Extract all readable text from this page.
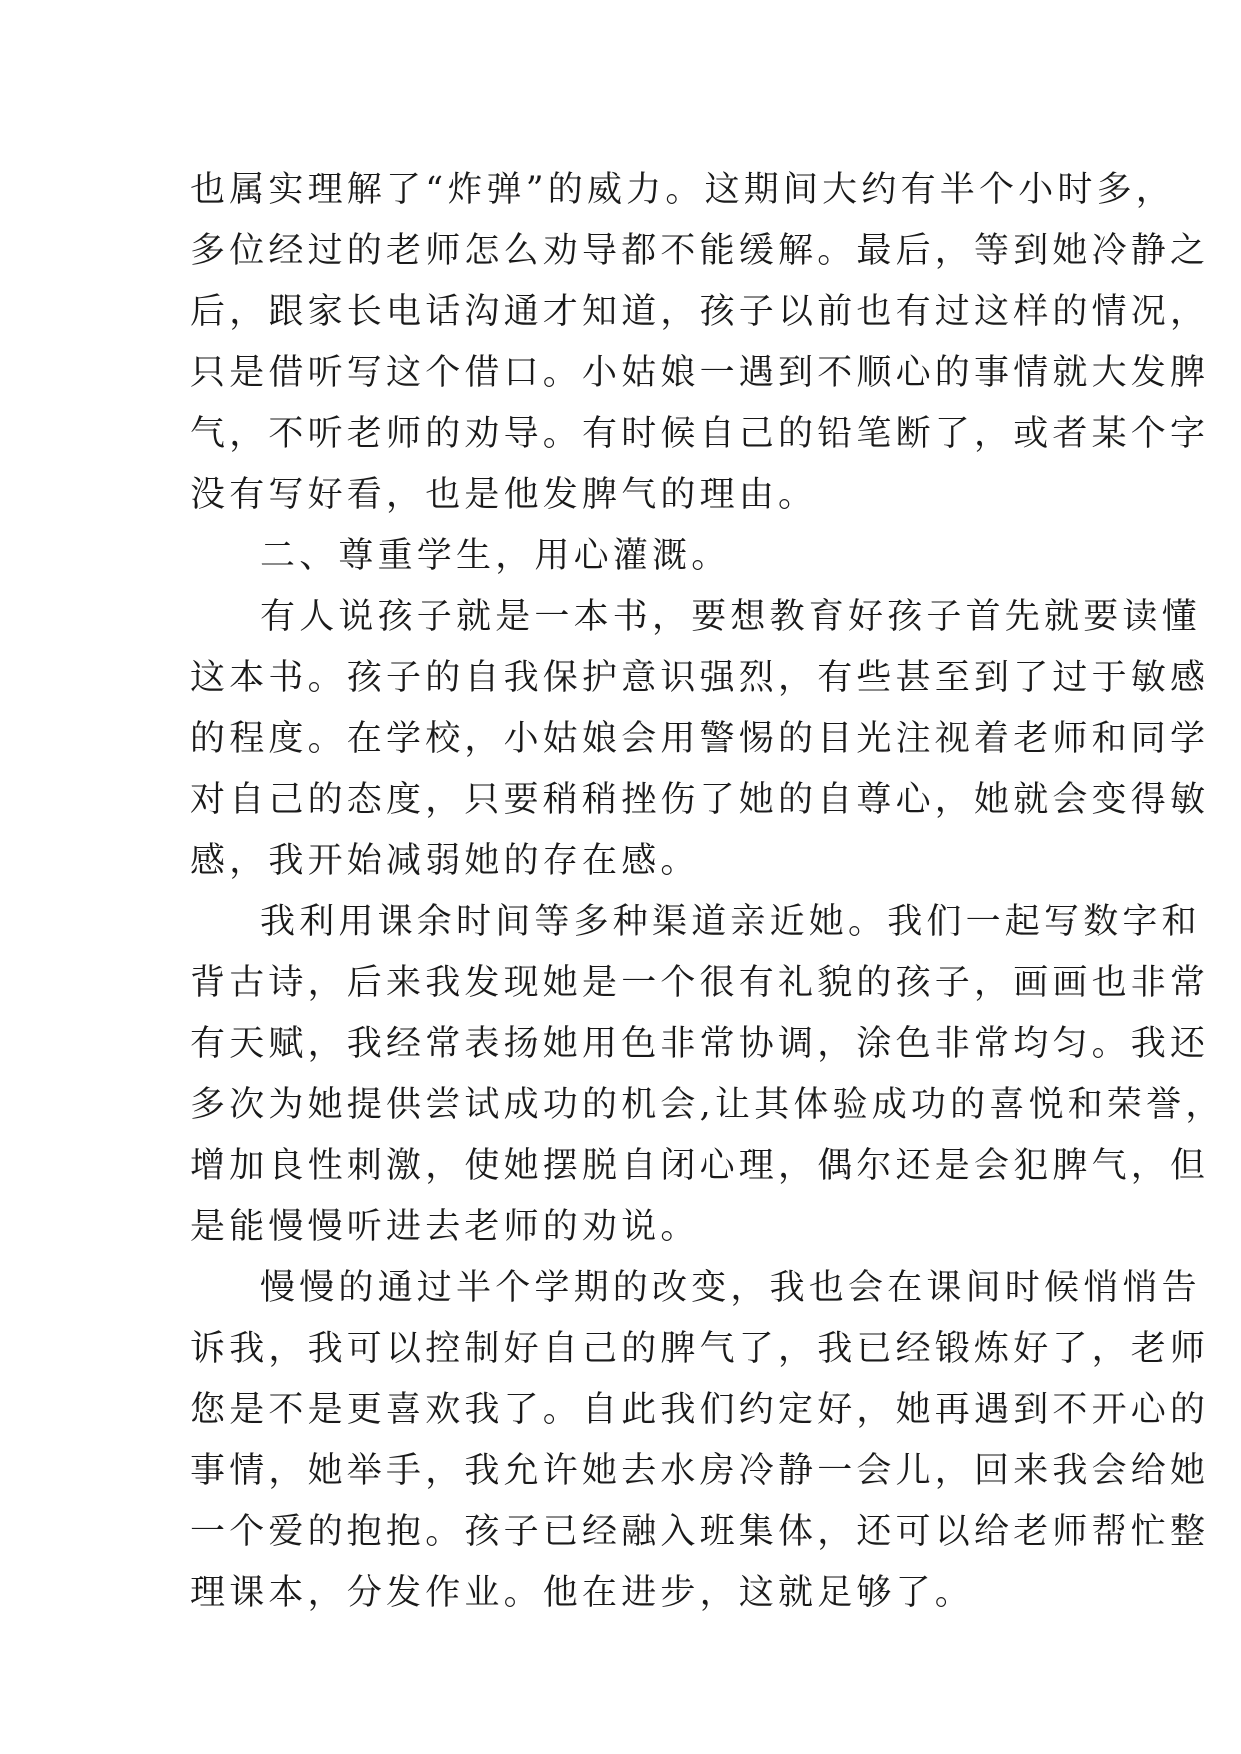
也属实理解了“炸弹”的威力。这期间大约有半个小时多，
多位经过的老师怎么劝导都不能缓解。最后，等到她冷静之
后，跟家长电话沟通才知道，孩子以前也有过这样的情况，
只是借听写这个借口。小姑娘一遇到不顺心的事情就大发脾
气，不听老师的劝导。有时候自己的铅笔断了，或者某个字
没有写好看，也是他发脾气的理由。
二、尊重学生，用心灌溉。
有人说孩子就是一本书，要想教育好孩子首先就要读懂
这本书。孩子的自我保护意识强烈，有些甚至到了过于敏感
的程度。在学校，小姑娘会用警惕的目光注视着老师和同学
对自己的态度，只要稍稍挫伤了她的自尊心，她就会变得敏
感，我开始减弱她的存在感。
我利用课余时间等多种渠道亲近她。我们一起写数字和
背古诗，后来我发现她是一个很有礼貌的孩子，画画也非常
有天赋，我经常表扬她用色非常协调，涂色非常均匀。我还
多次为她提供尝试成功的机会,让其体验成功的喜悦和荣誉，
增加良性刺激，使她摆脱自闭心理，偶尔还是会犯脾气，但
是能慢慢听进去老师的劝说。
慢慢的通过半个学期的改变，我也会在课间时候悄悄告
诉我，我可以控制好自己的脾气了，我已经锻炼好了，老师
您是不是更喜欢我了。自此我们约定好，她再遇到不开心的
事情，她举手，我允许她去水房冷静一会儿，回来我会给她
一个爱的抱抱。孩子已经融入班集体，还可以给老师帮忙整
理课本，分发作业。他在进步，这就足够了。
